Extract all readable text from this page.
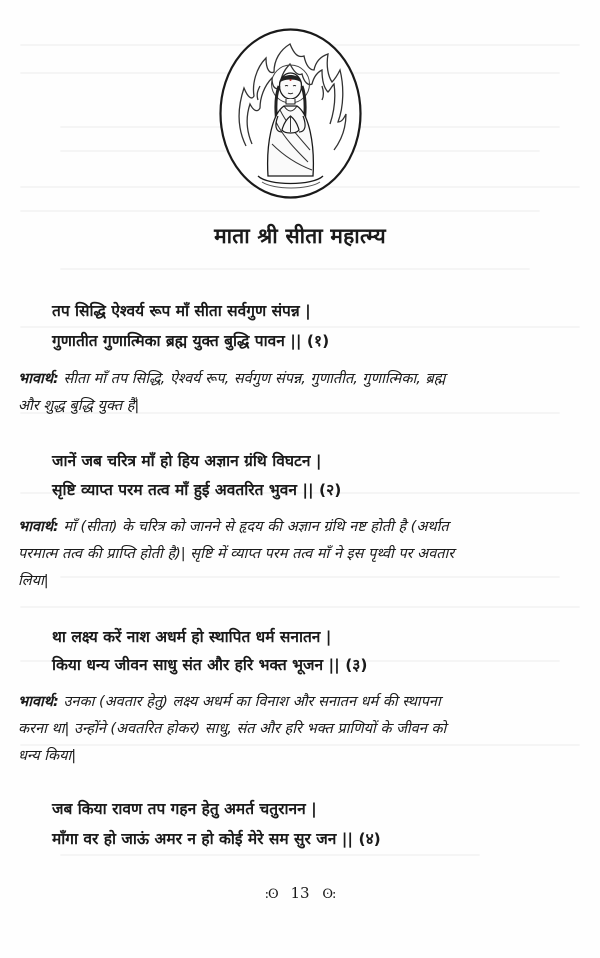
माता श्री सीता महात्म्य
तप सिद्धि ऐश्वर्य रूप माँ सीता सर्वगुण संपन्न |
गुणातीत गुणात्मिका ब्रह्म युक्त बुद्धि पावन || (१)
भावार्थ: सीता माँ तप सिद्धि, ऐश्वर्य रूप, सर्वगुण संपन्न, गुणातीत, गुणात्मिका, ब्रह्म
और शुद्ध बुद्धि युक्त हैं|
जानें जब चरित्र माँ हो हिय अज्ञान ग्रंथि विघटन |
सृष्टि व्याप्त परम तत्व माँ हुई अवतरित भुवन || (२)
भावार्थ: माँ (सीता) के चरित्र को जानने से हृदय की अज्ञान ग्रंथि नष्ट होती है (अर्थात
परमात्म तत्व की प्राप्ति होती है)| सृष्टि में व्याप्त परम तत्व माँ ने इस पृथ्वी पर अवतार
लिया|
था लक्ष्य करें नाश अधर्म हो स्थापित धर्म सनातन |
किया धन्य जीवन साधु संत और हरि भक्त भूजन || (३)
भावार्थ: उनका (अवतार हेतु) लक्ष्य अधर्म का विनाश और सनातन धर्म की स्थापना
करना था| उन्होंने (अवतरित होकर) साधु, संत और हरि भक्त प्राणियों के जीवन को
धन्य किया|
जब किया रावण तप गहन हेतु अमर्त चतुरानन |
माँगा वर हो जाऊं अमर न हो कोई मेरे सम सुर जन || (४)
:ʘ 13 ʘ:
